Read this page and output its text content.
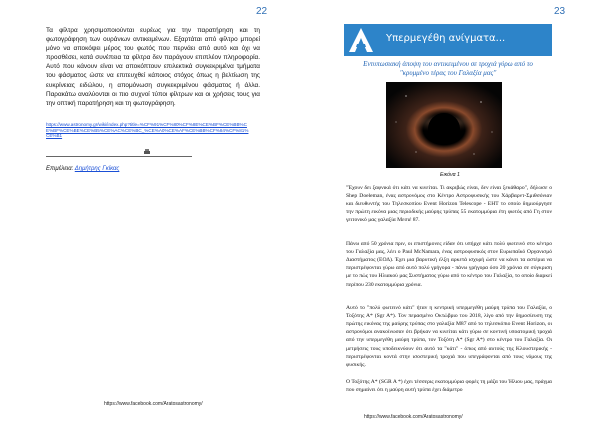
22
Τα φίλτρα χρησιμοποιούνται ευρέως για την παρατήρηση και τη φωτογράφηση των ουράνιων αντικειμένων. Εξαρτάται από φίλτρο μπορεί μόνο να αποκόψει μέρος του φωτός που περνάει από αυτό και όχι να προσθέσει, κατά συνέπεια τα φίλτρα δεν παράγουν επιπλέον πληροφορία. Αυτό που κάνουν είναι να αποκόπτουν επιλεκτικά συγκεκριμένα τμήματα του φάσματος ώστε να επιτευχθεί κάποιος στόχος όπως η βελτίωση της ευκρίνειας ειδώλου, η απομόνωση συγκεκριμένου φάσματος ή άλλα. Παρακάτω αναλύονται οι πιο συχνοί τύποι φίλτρων και οι χρήσεις τους για την οπτική παρατήρηση και τη φωτογράφηση.
https://www.astronomy.gr/wiki/index.php?title=%CF%91%CF%80%CF%8E%CE%BF%CE%BB%CE%BF%CE%BE%CE%B5%CE%AC%CE%BC_%CE%A0%CE%AF%CE%BB%CF%84%CF%81%CE%B1
Επιμέλεια: Δημήτρης Γκίκας
https://www.facebook.com/Aratosastronomy/
23
Υπερμεγέθη ανίγματα...
Εντυπωσιακή άποψη του αντικειμένου σε τροχιά γύρω από το "κρυμμένο τέρας του Γαλαξία μας"
Εικόνα 1
"Έχουν δει ξαφνικά ότι κάτι να κινείται. Τι ακριβώς είναι, δεν είναι ξεκάθαρο", δήλωσε ο Shep Doeleman, ένας αστρονόμος στο Κέντρο Αστροφυσικής του Χάρβαρντ-Σμιθσόνιαν και διευθυντής του Τηλεσκοπίου Event Horizon Telescope - EHT το οποίο δημιούργησε την πρώτη εικόνα μιας περιοδικής μαύρης τρύπας 55 εκατομμύρια έτη φωτός από Γη στον γειτονικό μας γαλαξία Μεσιέ 87.
Πάνω από 50 χρόνια πριν, οι επιστήμονες είδαν ότι υπήρχε κάτι πολύ φωτεινό στο κέντρο του Γαλαξία μας, λέει ο Paul McNamara, ένας αστροφυσικός στον Ευρωπαϊκό Οργανισμό Διαστήματος (ΕΟΔ). Έχει μια βαρυτική έλξη αρκετά ισχυρή ώστε να κάνει τα αστέρια να περιστρέφονται γύρω από αυτό πολύ γρήγορα - πάνω γρήγορα όσο 20 χρόνια σε σύγκριση με το πώς του Ηλιακού μας Συστήματος γύρω από το κέντρο του Γαλαξία, το οποίο διαρκεί περίπου 230 εκατομμύρια χρόνια.
Αυτό το "πολύ φωτεινό κάτι" ήταν η κεντρική υπερμεγέθη μαύρη τρύπα του Γαλαξία, ο Τοξότης Α* (Sgr A*). Τον περασμένο Οκτώβριο του 2018, λίγο από την δημοσίευση της πρώτης εικόνας της μαύρης τρύπας στο γαλαξία M87 από το τηλεσκόπιο Event Horizon, οι αστρονόμοι ανακοίνωσαν ότι βρήκαν να κινείται κάτι γύρω σε κοντινή υποατομική τροχιά από την υπερμεγέθη μαύρη τρύπα, τον Τοξότη Α* (Sgr A*) στο κέντρο του Γαλαξία. Οι μετρήσεις τους υποδεικνύουν ότι αυτό τα "κάτι" - όπως από αυτούς της Κλουστερικής - περιστρέφονται κοντά στην ισοστερική τροχιά που υπεγράφονται από τους νόμους της φυσικής.
Ο Τοξότης Α* (SGR A *) έχει τέσσερις εκατομμύρια φορές τη μάζα του Ήλιου μας, πράγμα που σημαίνει ότι η μαύρη αυτή τρύπα έχει διάμετρο
https://www.facebook.com/Aratosastronomy/
